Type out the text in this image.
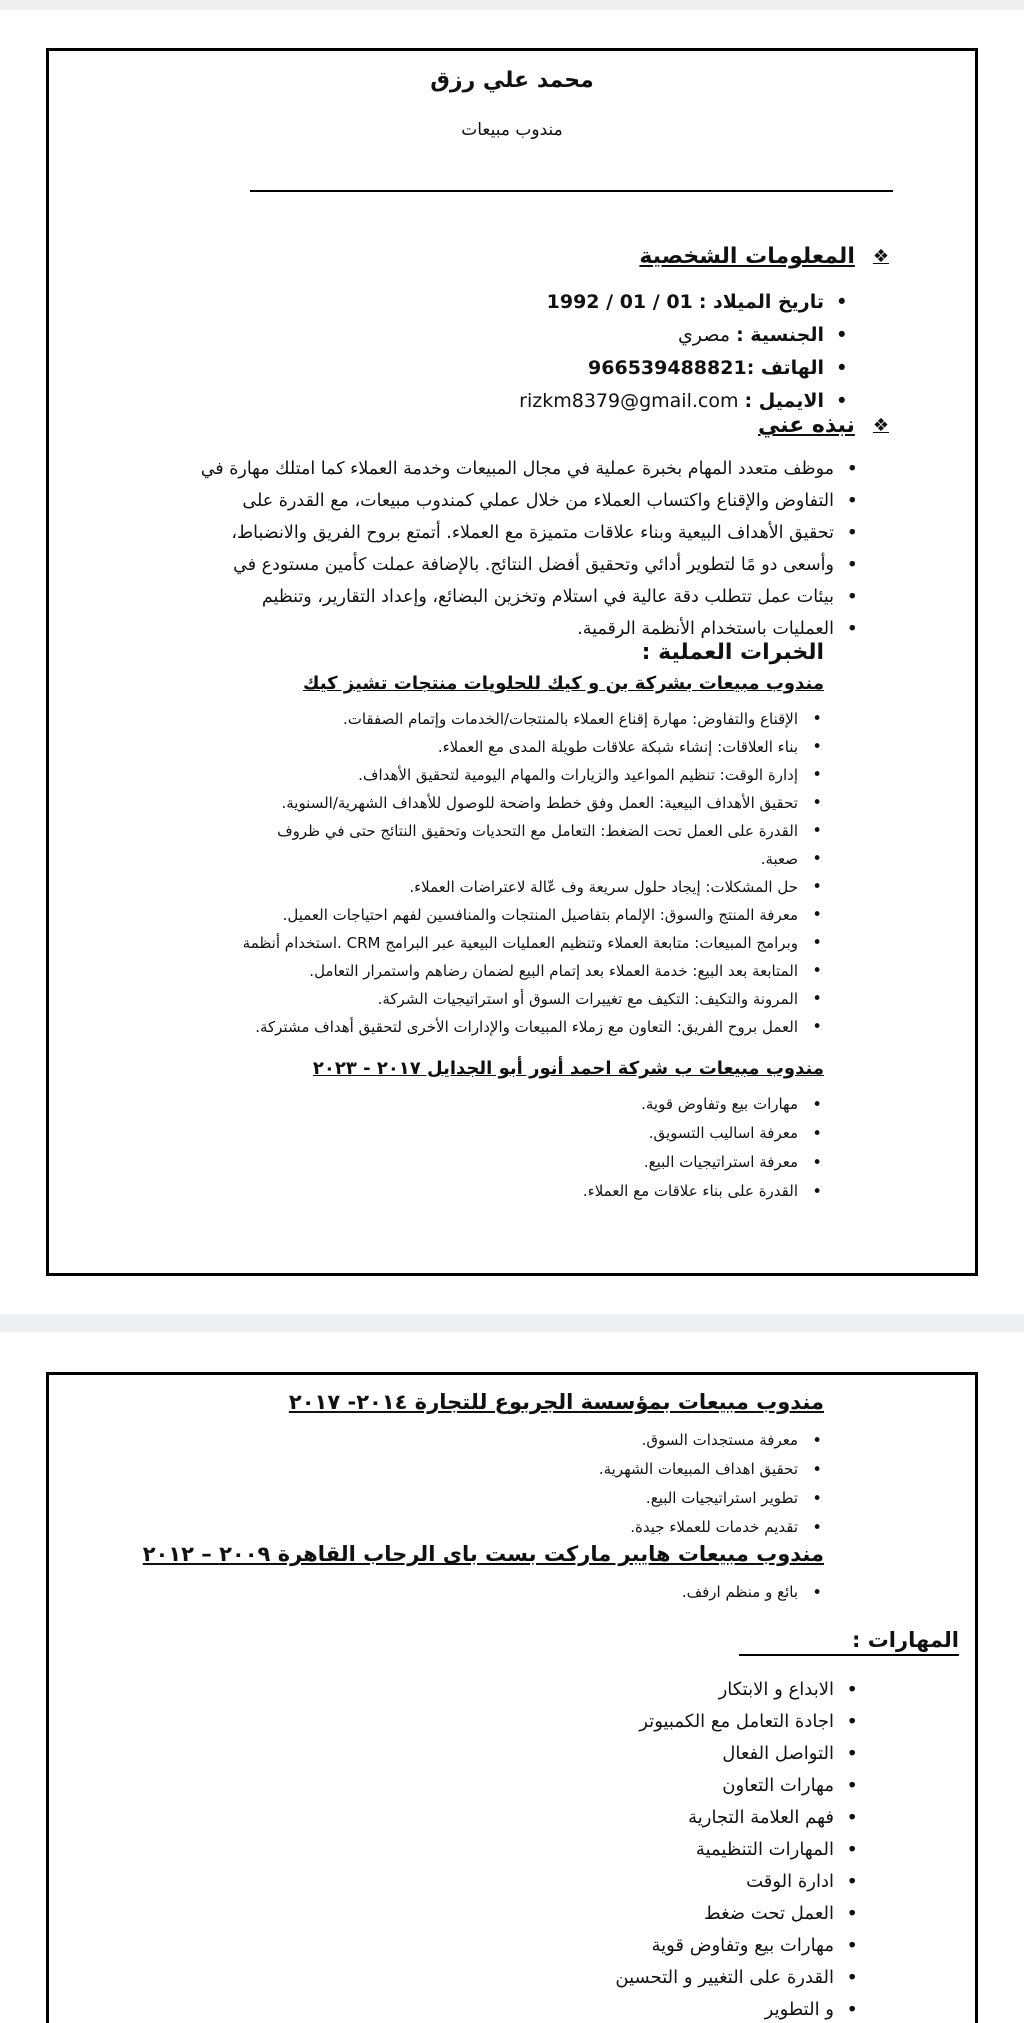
محمد علي رزق
مندوب مبيعات
❖
المعلومات الشخصية
• تاريخ الميلاد : 01 / 01 / 1992
• الجنسية : مصري
• الهاتف :966539488821
• الايميل : rizkm8379@gmail.com
❖
نبذه عني
• موظف متعدد المهام بخبرة عملية في مجال المبيعات وخدمة العملاء كما امتلك مهارة في
• التفاوض والإقناع واكتساب العملاء من خلال عملي كمندوب مبيعات، مع القدرة على
• تحقيق الأهداف البيعية وبناء علاقات متميزة مع العملاء. أتمتع بروح الفريق والانضباط،
• وأسعى دو مًا لتطوير أدائي وتحقيق أفضل النتائج. بالإضافة عملت كأمين مستودع في
• بيئات عمل تتطلب دقة عالية في استلام وتخزين البضائع، وإعداد التقارير، وتنظيم
• العمليات باستخدام الأنظمة الرقمية.
الخبرات العملية :
مندوب مبيعات بشركة بن و كيك للحلويات منتجات تشيز كيك
• الإقناع والتفاوض: مهارة إقناع العملاء بالمنتجات/الخدمات وإتمام الصفقات.
• بناء العلاقات: إنشاء شبكة علاقات طويلة المدى مع العملاء.
• إدارة الوقت: تنظيم المواعيد والزيارات والمهام اليومية لتحقيق الأهداف.
• تحقيق الأهداف البيعية: العمل وفق خطط واضحة للوصول للأهداف الشهرية/السنوية.
• القدرة على العمل تحت الضغط: التعامل مع التحديات وتحقيق النتائج حتى في ظروف
• صعبة.
• حل المشكلات: إيجاد حلول سريعة وف عّالة لاعتراضات العملاء.
• معرفة المنتج والسوق: الإلمام بتفاصيل المنتجات والمنافسين لفهم احتياجات العميل.
• وبرامج المبيعات: متابعة العملاء وتنظيم العمليات البيعية عبر البرامج CRM .استخدام أنظمة
• المتابعة بعد البيع: خدمة العملاء بعد إتمام البيع لضمان رضاهم واستمرار التعامل.
• المرونة والتكيف: التكيف مع تغييرات السوق أو استراتيجيات الشركة.
• العمل بروح الفريق: التعاون مع زملاء المبيعات والإدارات الأخرى لتحقيق أهداف مشتركة.
مندوب مبيعات ب شركة احمد أنور أبو الجدايل ٢٠١٧ - ٢٠٢٣
• مهارات بيع وتفاوض قوية.
• معرفة اساليب التسويق.
• معرفة استراتيجيات البيع.
• القدرة على بناء علاقات مع العملاء.
مندوب مبيعات بمؤسسة الجربوع للتجارة ٢٠١٤- ٢٠١٧
• معرفة مستجدات السوق.
• تحقيق اهداف المبيعات الشهرية.
• تطوير استراتيجيات البيع.
• تقديم خدمات للعملاء جيدة.
مندوب مبيعات هايبر ماركت بست باى الرحاب القاهرة ٢٠٠٩ – ٢٠١٢
• بائع و منظم ارفف.
المهارات :
• الابداع و الابتكار
• اجادة التعامل مع الكمبيوتر
• التواصل الفعال
• مهارات التعاون
• فهم العلامة التجارية
• المهارات التنظيمية
• ادارة الوقت
• العمل تحت ضغط
• مهارات بيع وتفاوض قوية
• القدرة على التغيير و التحسين
• و التطوير
